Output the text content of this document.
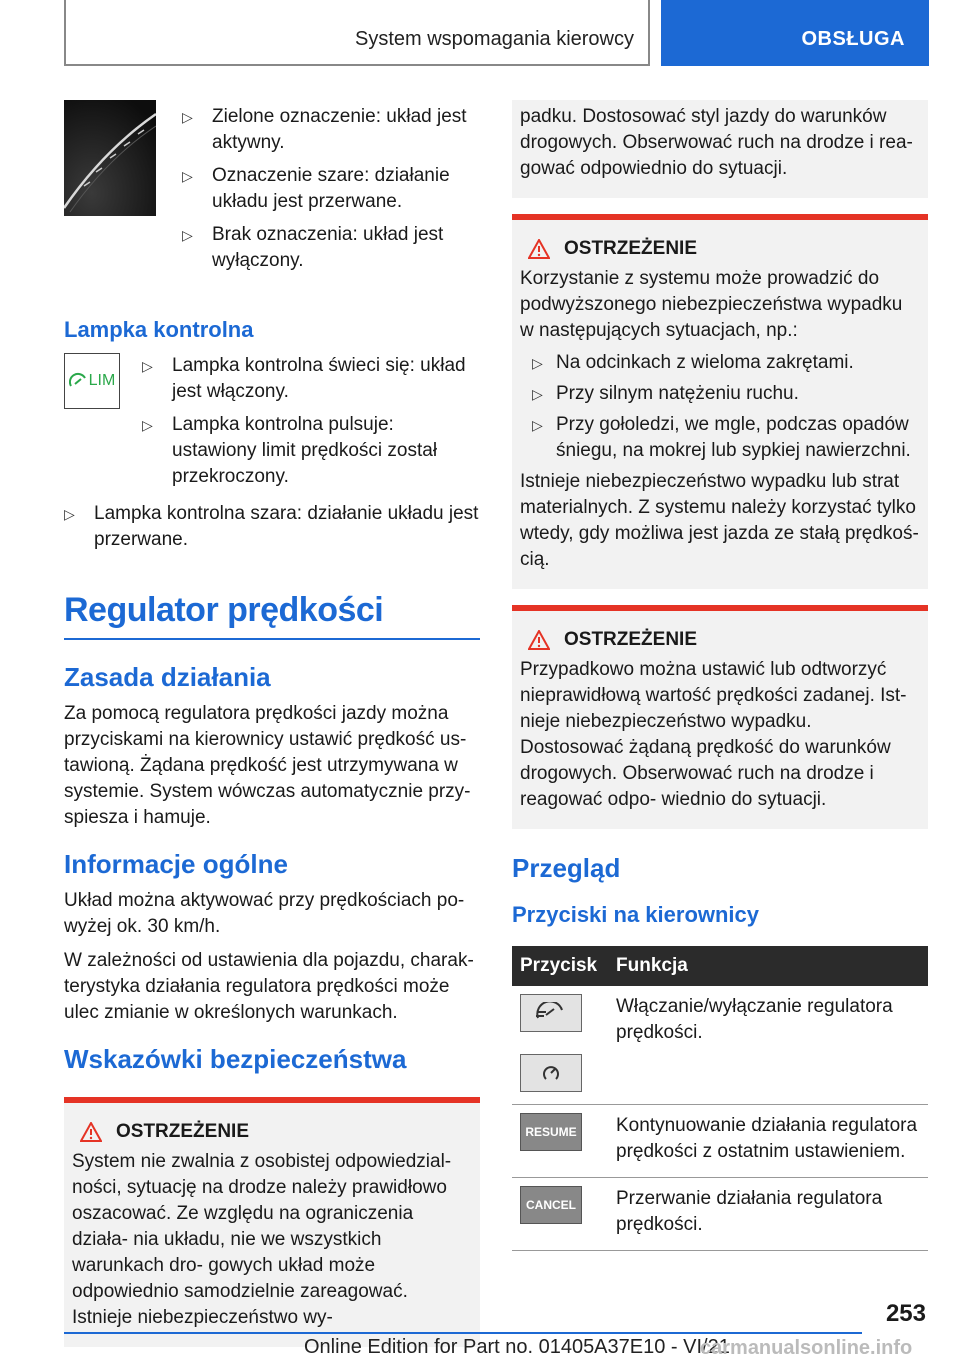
System wspomagania kierowcy	OBSŁUGA
▷ Zielone oznaczenie: układ jest aktywny.
▷ Oznaczenie szare: działanie układu jest przerwane.
▷ Brak oznaczenia: układ jest wyłączony.
Lampka kontrolna
LIM
▷ Lampka kontrolna świeci się: układ jest włączony.
▷ Lampka kontrolna pulsuje: ustawiony limit prędkości został przekroczony.
▷ Lampka kontrolna szara: działanie układu jest przerwane.
Regulator prędkości
Zasada działania

Za pomocą regulatora prędkości jazdy można przyciskami na kierownicy ustawić prędkość us- tawioną. Żądana prędkość jest utrzymywana w systemie. System wówczas automatycznie przy- spiesza i hamuje.

Informacje ogólne

Układ można aktywować przy prędkościach po- wyżej ok. 30 km/h.

W zależności od ustawienia dla pojazdu, charak- terystyka działania regulatora prędkości może ulec zmianie w określonych warunkach.

Wskazówki bezpieczeństwa
OSTRZEŻENIE

System nie zwalnia z osobistej odpowiedzial- ności, sytuację na drodze należy prawidłowo oszacować. Ze względu na ograniczenia działa- nia układu, nie we wszystkich warunkach dro- gowych układ może odpowiednio samodzielnie zareagować. Istnieje niebezpieczeństwo wy-

padku. Dostosować styl jazdy do warunków drogowych. Obserwować ruch na drodze i rea- gować odpowiednio do sytuacji.

OSTRZEŻENIE

Korzystanie z systemu może prowadzić do podwyższonego niebezpieczeństwa wypadku w następujących sytuacjach, np.:

▷ Na odcinkach z wieloma zakrętami.
▷ Przy silnym natężeniu ruchu.
▷ Przy gołoledzi, we mgle, podczas opadów śniegu, na mokrej lub sypkiej nawierzchni.

Istnieje niebezpieczeństwo wypadku lub strat materialnych. Z systemu należy korzystać tylko wtedy, gdy możliwa jest jazda ze stałą prędkoś- cią.

OSTRZEŻENIE

Przypadkowo można ustawić lub odtworzyć nieprawidłową wartość prędkości zadanej. Ist- nieje niebezpieczeństwo wypadku. Dostosować żądaną prędkość do warunków drogowych. Obserwować ruch na drodze i reagować odpo- wiednio do sytuacji.

Przegląd
Przyciski na kierownicy
Przycisk	Funkcja

	Włączanie/wyłączanie regulatora prędkości.

RESUME	Kontynuowanie działania regulatora prędkości z ostatnim ustawieniem.

CANCEL	Przerwanie działania regulatora prędkości.
253
Online Edition for Part no. 01405A37E10 - VI/21
carmanualsonline.info
